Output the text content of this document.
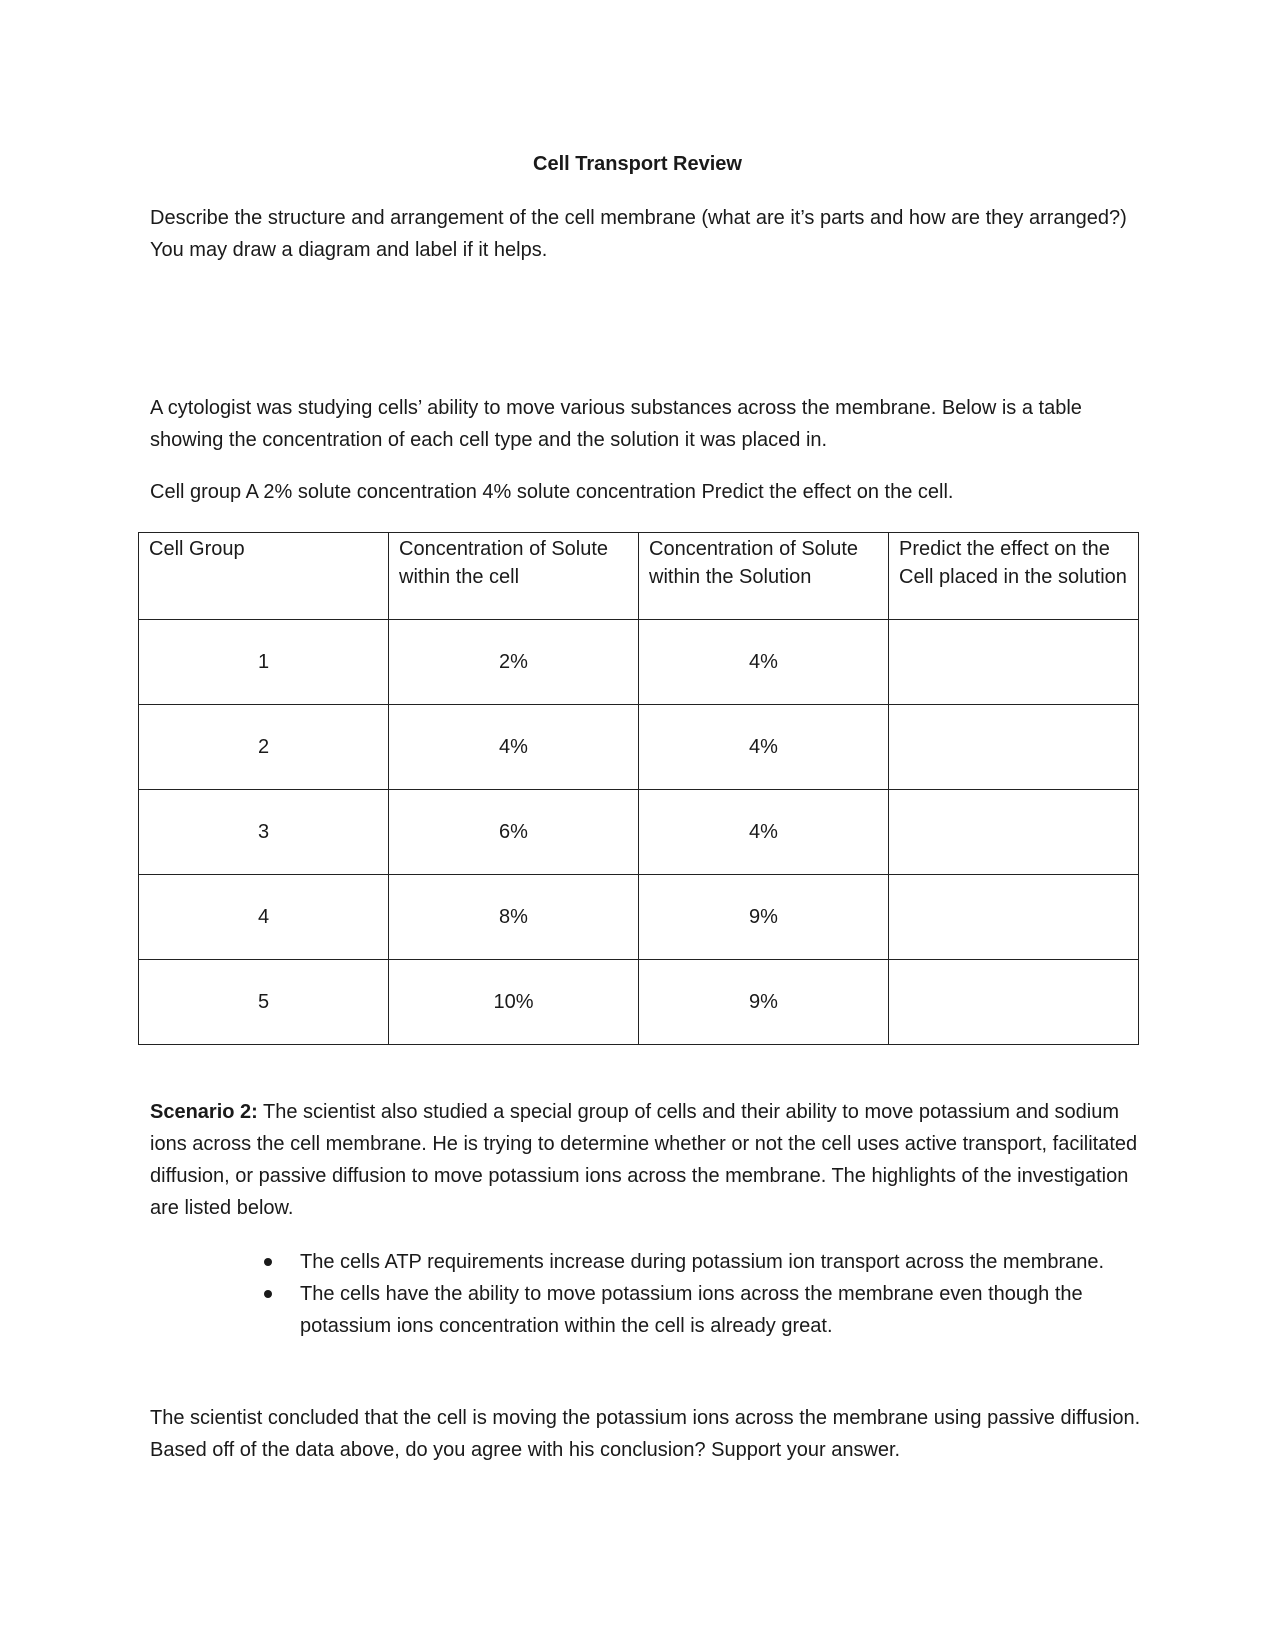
Cell Transport Review
Describe the structure and arrangement of the cell membrane (what are it’s parts and how are they arranged?) You may draw a diagram and label if it helps.
A cytologist was studying cells’ ability to move various substances across the membrane. Below is a table showing the concentration of each cell type and the solution it was placed in.
Cell group A 2% solute concentration 4% solute concentration Predict the effect on the cell.
Cell Group	Concentration of Solute within the cell	Concentration of Solute within the Solution	Predict the effect on the Cell placed in the solution
1	2%	4%	
2	4%	4%	
3	6%	4%	
4	8%	9%	
5	10%	9%	
Scenario 2: The scientist also studied a special group of cells and their ability to move potassium and sodium ions across the cell membrane. He is trying to determine whether or not the cell uses active transport, facilitated diffusion, or passive diffusion to move potassium ions across the membrane. The highlights of the investigation are listed below.
The cells ATP requirements increase during potassium ion transport across the membrane.
The cells have the ability to move potassium ions across the membrane even though the potassium ions concentration within the cell is already great.
The scientist concluded that the cell is moving the potassium ions across the membrane using passive diffusion. Based off of the data above, do you agree with his conclusion? Support your answer.
